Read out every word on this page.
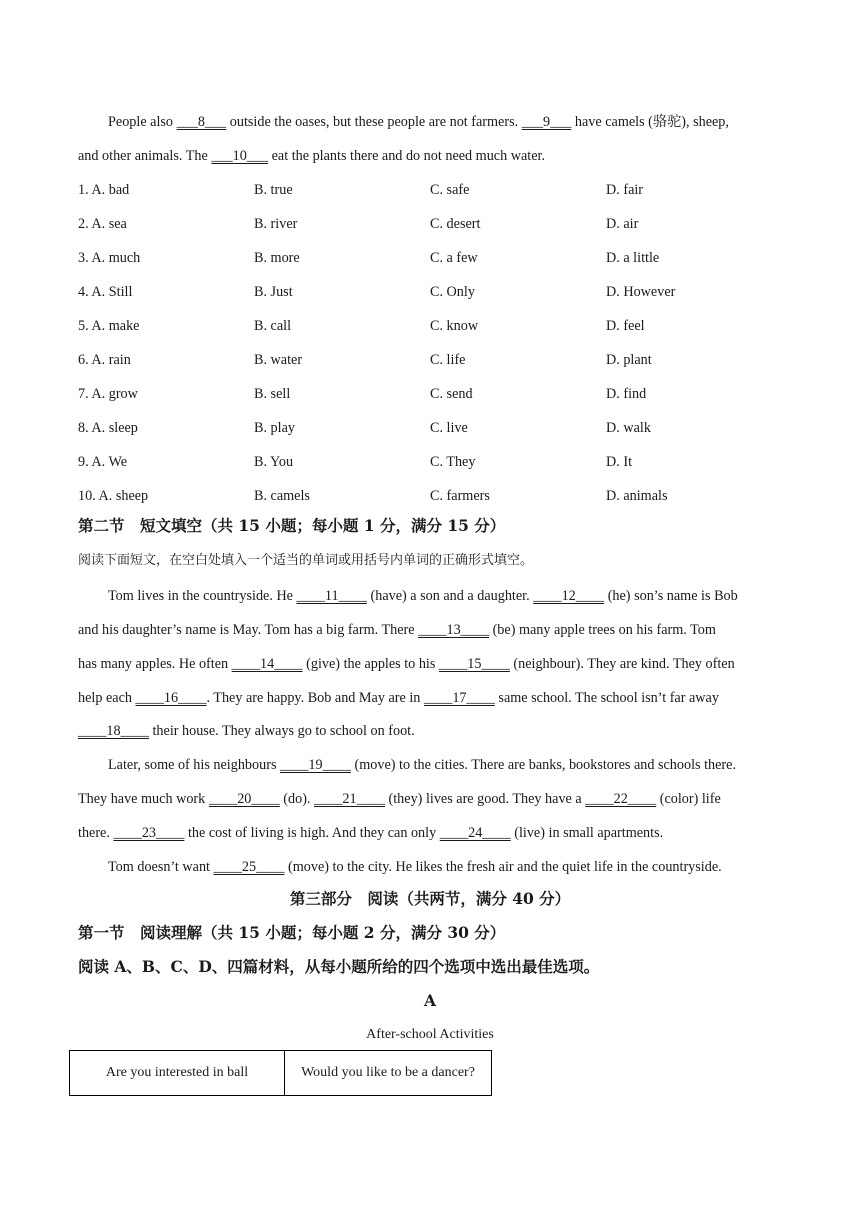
People also ___8___ outside the oases, but these people are not farmers. ___9___ have camels (骆驼), sheep,
and other animals. The ___10___ eat the plants there and do not need much water.
1. A. bad	B. true	C. safe	D. fair
2. A. sea	B. river	C. desert	D. air
3. A. much	B. more	C. a few	D. a little
4. A. Still	B. Just	C. Only	D. However
5. A. make	B. call	C. know	D. feel
6. A. rain	B. water	C. life	D. plant
7. A. grow	B. sell	C. send	D. find
8. A. sleep	B. play	C. live	D. walk
9. A. We	B. You	C. They	D. It
10. A. sheep	B. camels	C. farmers	D. animals
第二节　短文填空（共 15 小题；每小题 1 分，满分 15 分）
阅读下面短文，在空白处填入一个适当的单词或用括号内单词的正确形式填空。
Tom lives in the countryside. He ____11____ (have) a son and a daughter. ____12____ (he) son’s name is Bob
and his daughter’s name is May. Tom has a big farm. There ____13____ (be) many apple trees on his farm. Tom
has many apples. He often ____14____ (give) the apples to his ____15____ (neighbour). They are kind. They often
help each ____16____. They are happy. Bob and May are in ____17____ same school. The school isn’t far away
____18____ their house. They always go to school on foot.
Later, some of his neighbours ____19____ (move) to the cities. There are banks, bookstores and schools there.
They have much work ____20____ (do). ____21____ (they) lives are good. They have a ____22____ (color) life
there. ____23____ the cost of living is high. And they can only ____24____ (live) in small apartments.
Tom doesn’t want ____25____ (move) to the city. He likes the fresh air and the quiet life in the countryside.
第三部分　阅读（共两节，满分 40 分）
第一节　阅读理解（共 15 小题；每小题 2 分，满分 30 分）
阅读 A、B、C、D、四篇材料，从每小题所给的四个选项中选出最佳选项。
A
After-school Activities
Are you interested in ball	Would you like to be a dancer?
